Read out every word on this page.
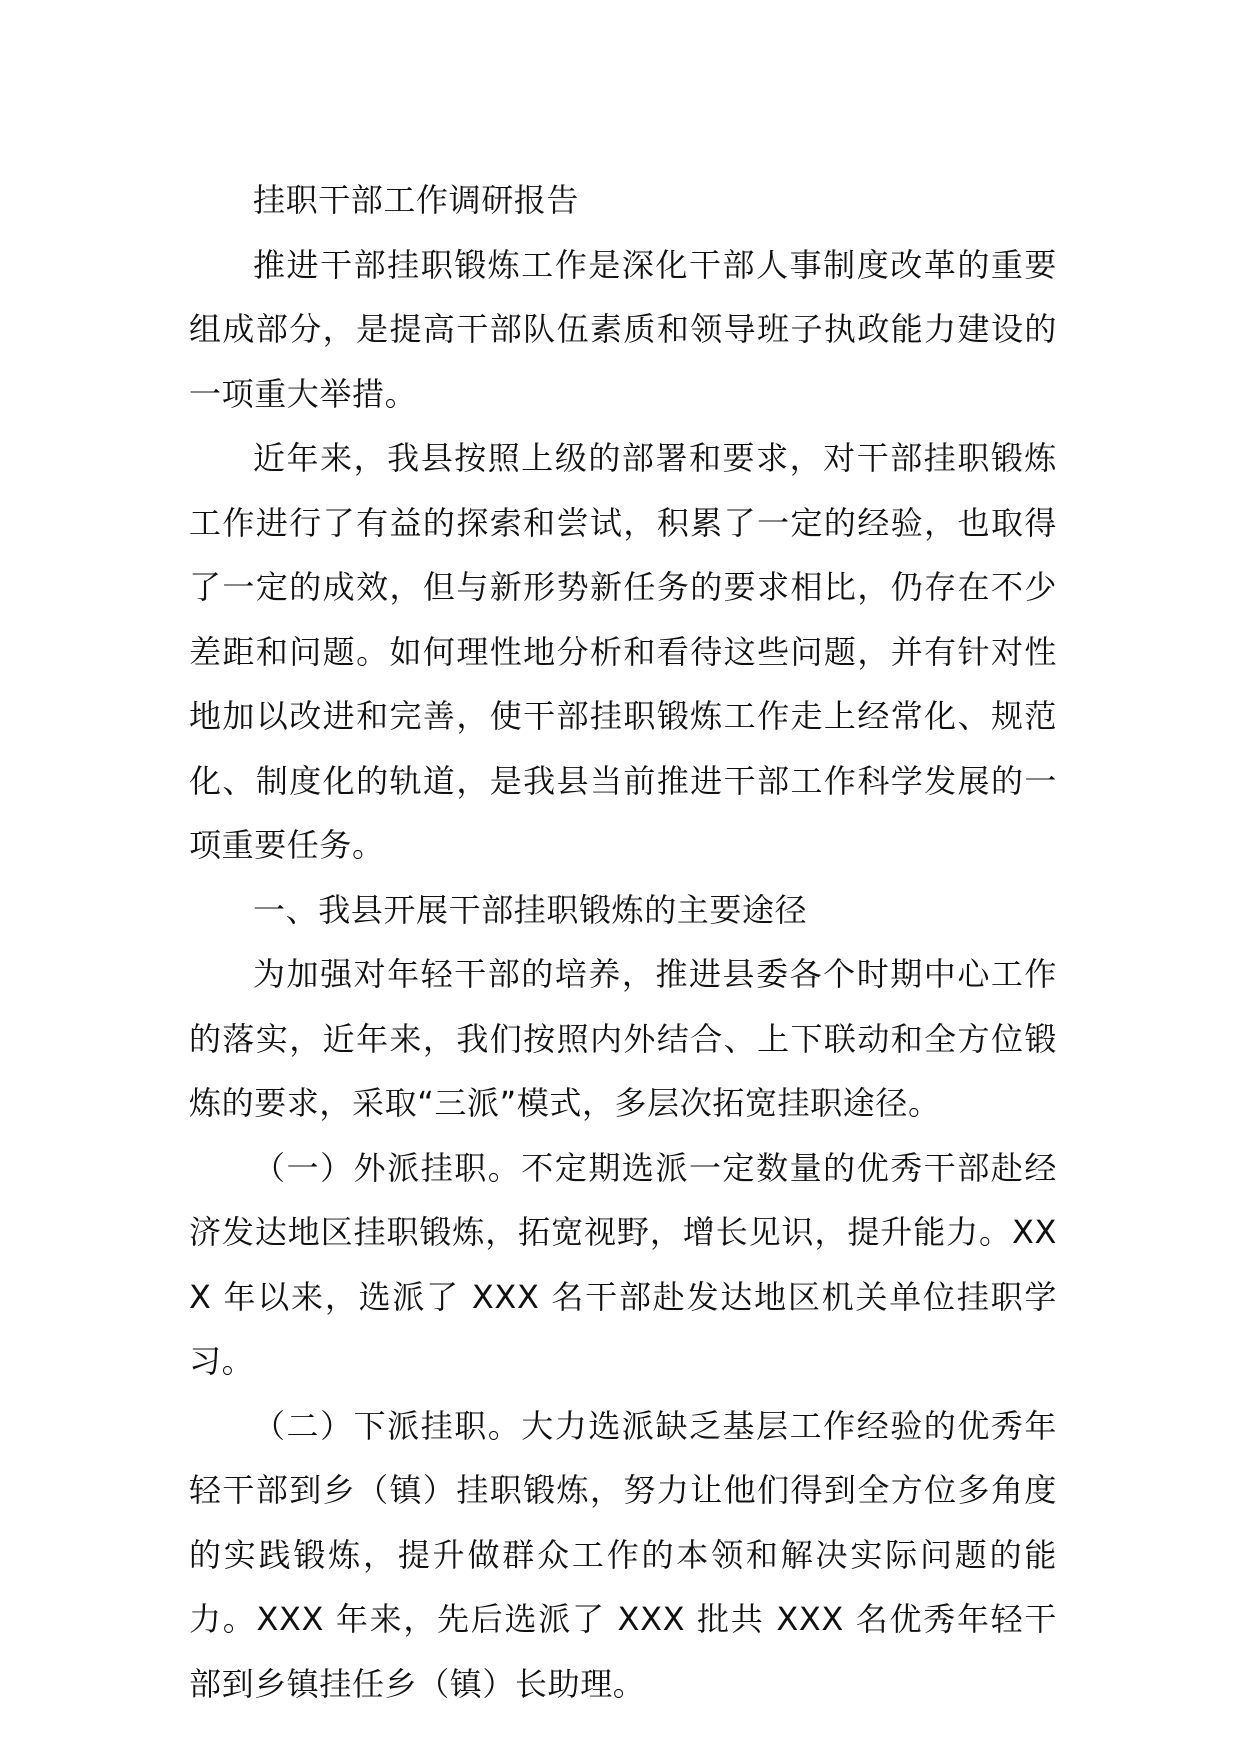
挂职干部工作调研报告

推进干部挂职锻炼工作是深化干部人事制度改革的重要组成部分，是提高干部队伍素质和领导班子执政能力建设的一项重大举措。

近年来，我县按照上级的部署和要求，对干部挂职锻炼工作进行了有益的探索和尝试，积累了一定的经验，也取得了一定的成效，但与新形势新任务的要求相比，仍存在不少差距和问题。如何理性地分析和看待这些问题，并有针对性地加以改进和完善，使干部挂职锻炼工作走上经常化、规范化、制度化的轨道，是我县当前推进干部工作科学发展的一项重要任务。

一、我县开展干部挂职锻炼的主要途径

为加强对年轻干部的培养，推进县委各个时期中心工作的落实，近年来，我们按照内外结合、上下联动和全方位锻炼的要求，采取“三派”模式，多层次拓宽挂职途径。

（一）外派挂职。不定期选派一定数量的优秀干部赴经济发达地区挂职锻炼，拓宽视野，增长见识，提升能力。XXX 年以来，选派了 XXX 名干部赴发达地区机关单位挂职学习。

（二）下派挂职。大力选派缺乏基层工作经验的优秀年轻干部到乡（镇）挂职锻炼，努力让他们得到全方位多角度的实践锻炼，提升做群众工作的本领和解决实际问题的能力。XXX 年来，先后选派了 XXX 批共 XXX 名优秀年轻干部到乡镇挂任乡（镇）长助理。
